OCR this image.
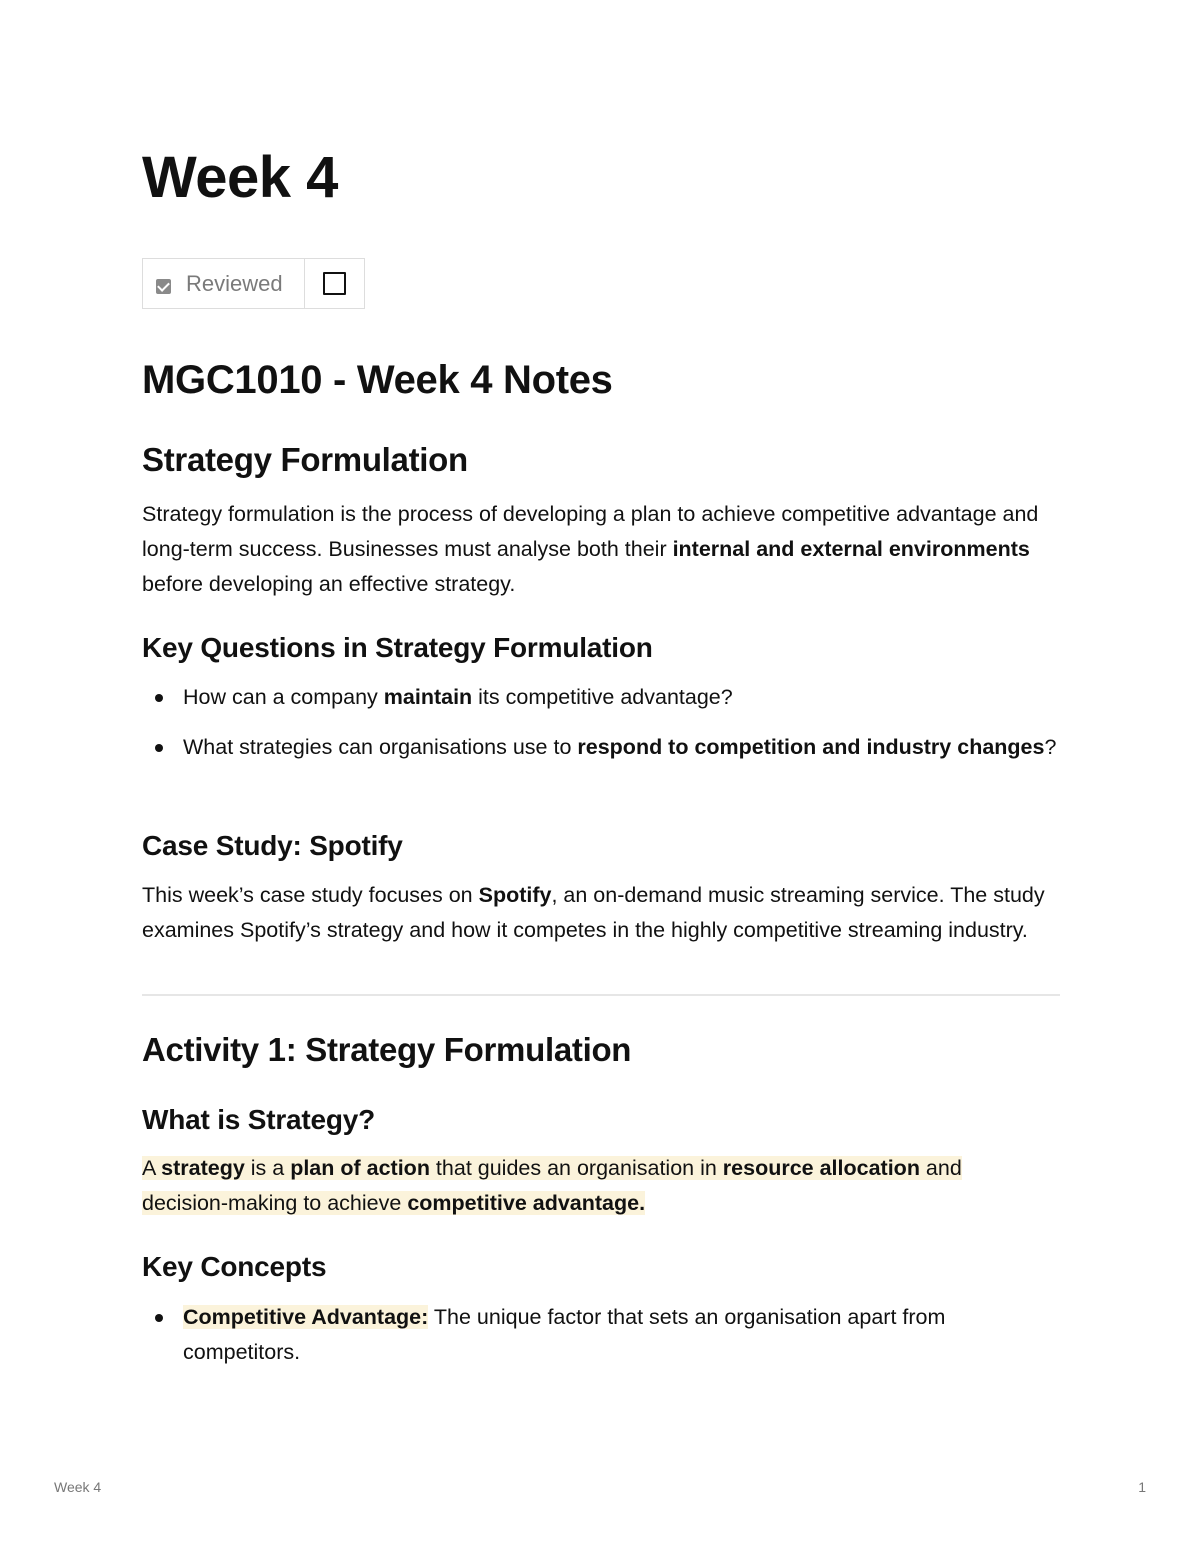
Week 4
Reviewed
MGC1010 - Week 4 Notes
Strategy Formulation

Strategy formulation is the process of developing a plan to achieve competitive advantage and long-term success. Businesses must analyse both their internal and external environments before developing an effective strategy.

Key Questions in Strategy Formulation
How can a company maintain its competitive advantage?
What strategies can organisations use to respond to competition and industry changes?
Case Study: Spotify

This week’s case study focuses on Spotify, an on-demand music streaming service. The study examines Spotify’s strategy and how it competes in the highly competitive streaming industry.

Activity 1: Strategy Formulation
What is Strategy?

A strategy is a plan of action that guides an organisation in resource allocation and decision-making to achieve competitive advantage.

Key Concepts
Competitive Advantage: The unique factor that sets an organisation apart from competitors.
Week 4	1
